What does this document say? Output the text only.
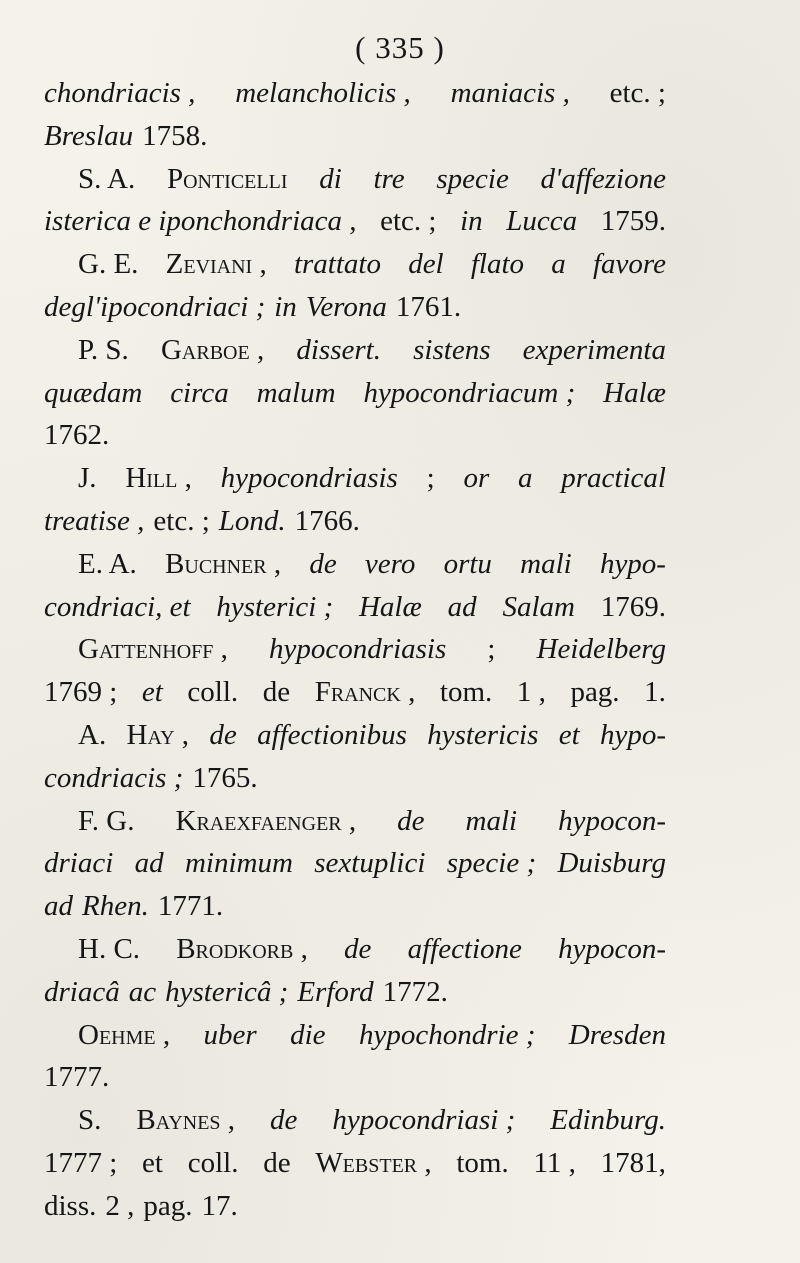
( 335 )
chondriacis , melancholicis , maniacis , etc. ;
Breslau 1758.
S. A. Ponticelli di tre specie d'affezione
isterica e iponchondriaca , etc. ; in Lucca 1759.
G. E. Zeviani , trattato del flato a favore
degl'ipocondriaci ; in Verona 1761.
P. S. Garboe , dissert. sistens experimenta
quædam circa malum hypocondriacum ; Halæ
1762.
J. Hill , hypocondriasis ; or a practical
treatise , etc. ; Lond. 1766.
E. A. Buchner , de vero ortu mali hypo-
condriaci, et hysterici ; Halæ ad Salam 1769.
Gattenhoff , hypocondriasis ; Heidelberg
1769 ; et coll. de Franck , tom. 1 , pag. 1.
A. Hay , de affectionibus hystericis et hypo-
condriacis ; 1765.
F. G. Kraexfaenger , de mali hypocon-
driaci ad minimum sextuplici specie ; Duisburg
ad Rhen. 1771.
H. C. Brodkorb , de affectione hypocon-
driacâ ac hystericâ ; Erford 1772.
Oehme , uber die hypochondrie ; Dresden
1777.
S. Baynes , de hypocondriasi ; Edinburg.
1777 ; et coll. de Webster , tom. 11 , 1781,
diss. 2 , pag. 17.
